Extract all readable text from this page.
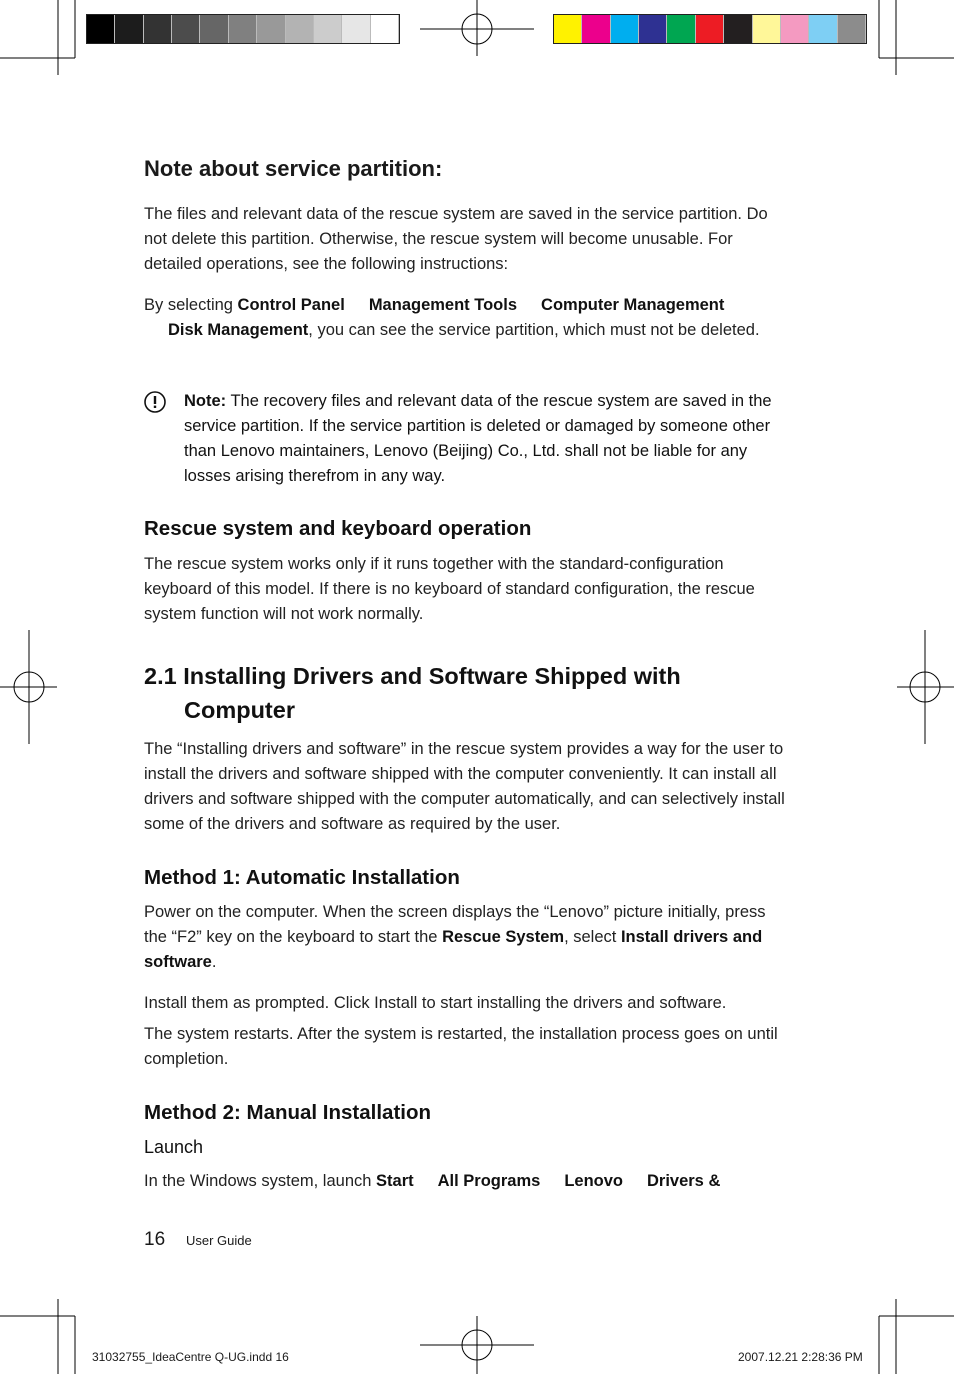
Note about service partition:

The files and relevant data of the rescue system are saved in the service partition. Do not delete this partition. Otherwise, the rescue system will become unusable. For detailed operations, see the following instructions:

By selecting Control Panel Management Tools Computer Management
Disk Management, you can see the service partition, which must not be deleted.

Note: The recovery files and relevant data of the rescue system are saved in the service partition. If the service partition is deleted or damaged by someone other than Lenovo maintainers, Lenovo (Beijing) Co., Ltd. shall not be liable for any losses arising therefrom in any way.

Rescue system and keyboard operation

The rescue system works only if it runs together with the standard-configuration keyboard of this model. If there is no keyboard of standard configuration, the rescue system function will not work normally.

2.1 Installing Drivers and Software Shipped with
Computer

The “Installing drivers and software” in the rescue system provides a way for the user to install the drivers and software shipped with the computer conveniently. It can install all drivers and software shipped with the computer automatically, and can selectively install some of the drivers and software as required by the user.

Method 1: Automatic Installation

Power on the computer. When the screen displays the “Lenovo” picture initially, press the “F2” key on the keyboard to start the Rescue System, select Install drivers and software.

Install them as prompted. Click Install to start installing the drivers and software.

The system restarts. After the system is restarted, the installation process goes on until completion.

Method 2: Manual Installation
Launch

In the Windows system, launch Start All Programs Lenovo Drivers &

16 User Guide
31032755_IdeaCentre Q-UG.indd 16	2007.12.21 2:28:36 PM
